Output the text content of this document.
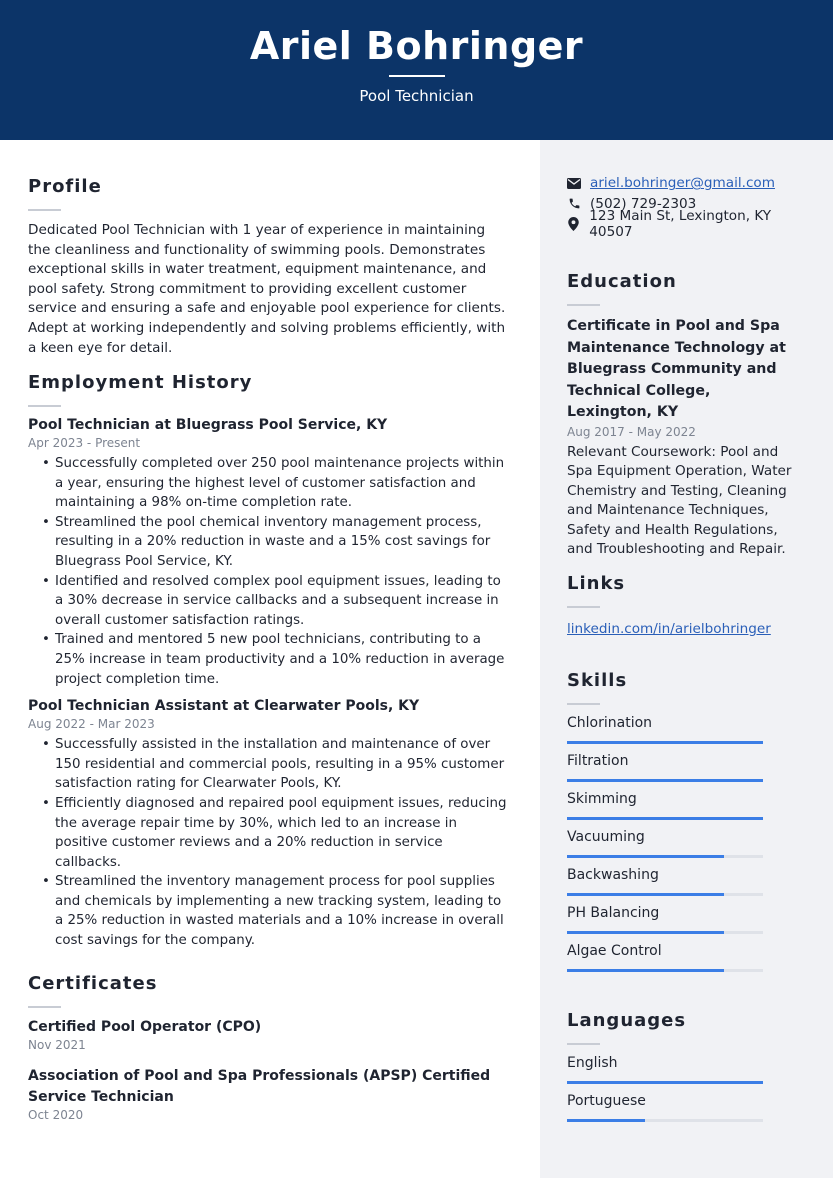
Ariel Bohringer
Pool Technician
Profile
Dedicated Pool Technician with 1 year of experience in maintaining the cleanliness and functionality of swimming pools. Demonstrates exceptional skills in water treatment, equipment maintenance, and pool safety. Strong commitment to providing excellent customer service and ensuring a safe and enjoyable pool experience for clients. Adept at working independently and solving problems efficiently, with a keen eye for detail.
Employment History
Pool Technician at Bluegrass Pool Service, KY
Apr 2023 - Present
• Successfully completed over 250 pool maintenance projects within a year, ensuring the highest level of customer satisfaction and maintaining a 98% on-time completion rate.
• Streamlined the pool chemical inventory management process, resulting in a 20% reduction in waste and a 15% cost savings for Bluegrass Pool Service, KY.
• Identified and resolved complex pool equipment issues, leading to a 30% decrease in service callbacks and a subsequent increase in overall customer satisfaction ratings.
• Trained and mentored 5 new pool technicians, contributing to a 25% increase in team productivity and a 10% reduction in average project completion time.
Pool Technician Assistant at Clearwater Pools, KY
Aug 2022 - Mar 2023
• Successfully assisted in the installation and maintenance of over 150 residential and commercial pools, resulting in a 95% customer satisfaction rating for Clearwater Pools, KY.
• Efficiently diagnosed and repaired pool equipment issues, reducing the average repair time by 30%, which led to an increase in positive customer reviews and a 20% reduction in service callbacks.
• Streamlined the inventory management process for pool supplies and chemicals by implementing a new tracking system, leading to a 25% reduction in wasted materials and a 10% increase in overall cost savings for the company.
Certificates
Certified Pool Operator (CPO)
Nov 2021
Association of Pool and Spa Professionals (APSP) Certified Service Technician
Oct 2020
ariel.bohringer@gmail.com
(502) 729-2303
123 Main St, Lexington, KY 40507
Education
Certificate in Pool and Spa Maintenance Technology at Bluegrass Community and Technical College, Lexington, KY
Aug 2017 - May 2022
Relevant Coursework: Pool and Spa Equipment Operation, Water Chemistry and Testing, Cleaning and Maintenance Techniques, Safety and Health Regulations, and Troubleshooting and Repair.
Links
linkedin.com/in/arielbohringer
Skills
Chlorination
Filtration
Skimming
Vacuuming
Backwashing
PH Balancing
Algae Control
Languages
English
Portuguese
